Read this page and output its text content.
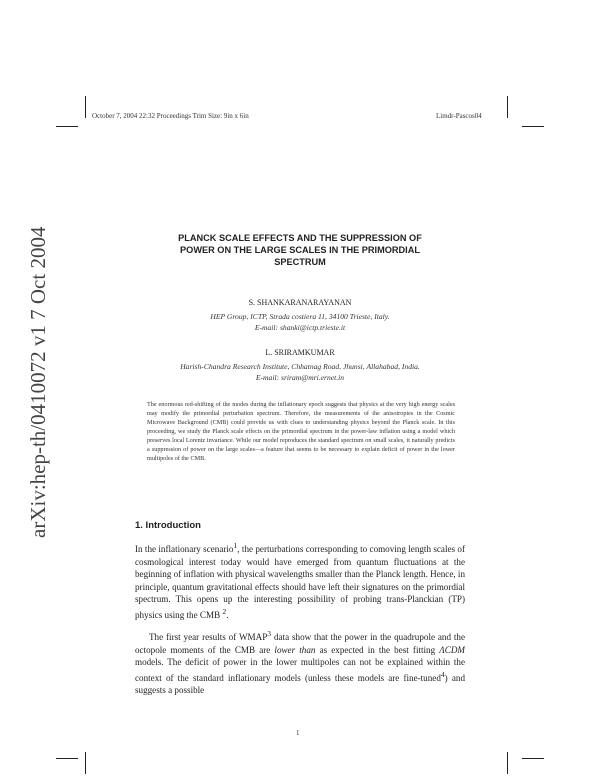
October 7, 2004 22:32 Proceedings Trim Size: 9in x 6in	Limdr-Pascos04
arXiv:hep-th/0410072 v1 7 Oct 2004	PLANCK SCALE EFFECTS AND THE SUPPRESSION OF
POWER ON THE LARGE SCALES IN THE PRIMORDIAL
SPECTRUM
S. SHANKARANARAYANAN
HEP Group, ICTP, Strada costiera 11, 34100 Trieste, Italy.
E-mail: shanki@ictp.trieste.it
L. SRIRAMKUMAR
Harish-Chandra Research Institute, Chhatnag Road, Jhunsi, Allahabad, India.
E-mail: sriram@mri.ernet.in

The enormous red-shifting of the modes during the inflationary epoch suggests that physics at the very high energy scales may modify the primordial perturbation spectrum. Therefore, the measurements of the anisotropies in the Cosmic Microwave Background (CMB) could provide us with clues to understanding physics beyond the Planck scale. In this proceeding, we study the Planck scale effects on the primordial spectrum in the power-law inflation using a model which preserves local Lorentz invariance. While our model reproduces the standard spectrum on small scales, it naturally predicts a suppression of power on the large scales—a feature that seems to be necessary to explain deficit of power in the lower multipoles of the CMB.

1. Introduction

In the inflationary scenario$^1$, the perturbations corresponding to comoving length scales of cosmological interest today would have emerged from quantum fluctuations at the beginning of inflation with physical wavelengths smaller than the Planck length. Hence, in principle, quantum gravitational effects should have left their signatures on the primordial spectrum. This opens up the interesting possibility of probing trans-Planckian (TP) physics using the CMB $^2$.

The first year results of WMAP$^3$ data show that the power in the quadrupole and the octopole moments of the CMB are lower than as expected in the best fitting ΛCDM models. The deficit of power in the lower multipoles can not be explained within the context of the standard inflationary models (unless these models are fine-tuned$^4$) and suggests a possible

1
